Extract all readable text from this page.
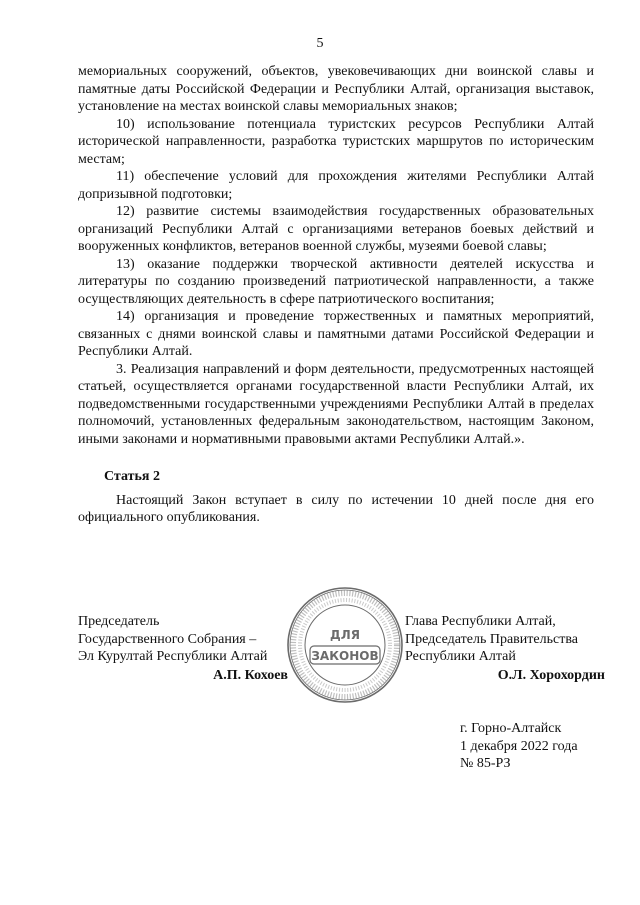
5

мемориальных сооружений, объектов, увековечивающих дни воинской славы и памятные даты Российской Федерации и Республики Алтай, организация выставок, установление на местах воинской славы мемориальных знаков;

10) использование потенциала туристских ресурсов Республики Алтай исторической направленности, разработка туристских маршрутов по историческим местам;

11) обеспечение условий для прохождения жителями Республики Алтай допризывной подготовки;

12) развитие системы взаимодействия государственных образовательных организаций Республики Алтай с организациями ветеранов боевых действий и вооруженных конфликтов, ветеранов военной службы, музеями боевой славы;

13) оказание поддержки творческой активности деятелей искусства и литературы по созданию произведений патриотической направленности, а также осуществляющих деятельность в сфере патриотического воспитания;

14) организация и проведение торжественных и памятных мероприятий, связанных с днями воинской славы и памятными датами Российской Федерации и Республики Алтай.

3. Реализация направлений и форм деятельности, предусмотренных настоящей статьей, осуществляется органами государственной власти Республики Алтай, их подведомственными государственными учреждениями Республики Алтай в пределах полномочий, установленных федеральным законодательством, настоящим Законом, иными законами и нормативными правовыми актами Республики Алтай.».

Статья 2

Настоящий Закон вступает в силу по истечении 10 дней после дня его официального опубликования.

Председатель
Государственного Собрания –
Эл Курултай Республики Алтай
А.П. Кохоев
ДЛЯ
ЗАКОНОВ
Глава Республики Алтай,
Председатель Правительства
Республики Алтай
О.Л. Хорохордин
г. Горно-Алтайск
1 декабря 2022 года
№ 85-РЗ
